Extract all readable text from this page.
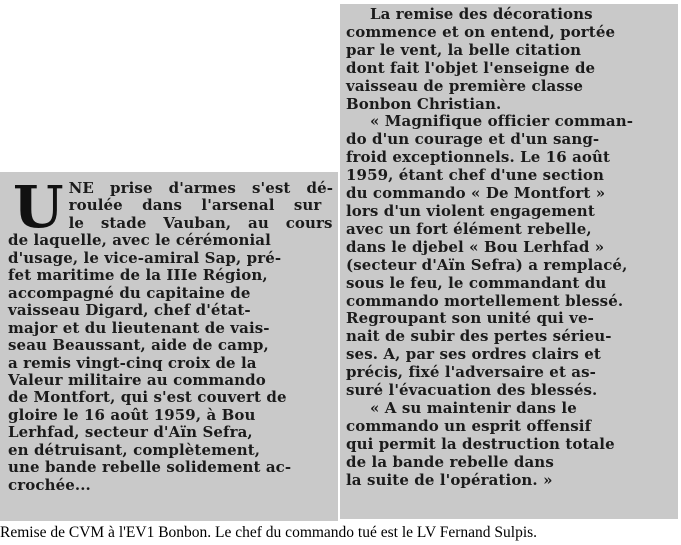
U NE prise d'armes s'est dé-
roulée dans l'arsenal sur
le stade Vauban, au cours
de laquelle, avec le cérémonial
d'usage, le vice-amiral Sap, pré-
fet maritime de la IIIe Région,
accompagné du capitaine de
vaisseau Digard, chef d'état-
major et du lieutenant de vais-
seau Beaussant, aide de camp,
a remis vingt-cinq croix de la
Valeur militaire au commando
de Montfort, qui s'est couvert de
gloire le 16 août 1959, à Bou
Lerhfad, secteur d'Aïn Sefra,
en détruisant, complètement,
une bande rebelle solidement ac-
crochée...
La remise des décorations
commence et on entend, portée
par le vent, la belle citation
dont fait l'objet l'enseigne de
vaisseau de première classe
Bonbon Christian.
« Magnifique officier comman-
do d'un courage et d'un sang-
froid exceptionnels. Le 16 août
1959, étant chef d'une section
du commando « De Montfort »
lors d'un violent engagement
avec un fort élément rebelle,
dans le djebel « Bou Lerhfad »
(secteur d'Aïn Sefra) a remplacé,
sous le feu, le commandant du
commando mortellement blessé.
Regroupant son unité qui ve-
nait de subir des pertes sérieu-
ses. A, par ses ordres clairs et
précis, fixé l'adversaire et as-
suré l'évacuation des blessés.
« A su maintenir dans le
commando un esprit offensif
qui permit la destruction totale
de la bande rebelle dans
la suite de l'opération. »
Remise de CVM à l'EV1 Bonbon. Le chef du commando tué est le LV Fernand Sulpis.
